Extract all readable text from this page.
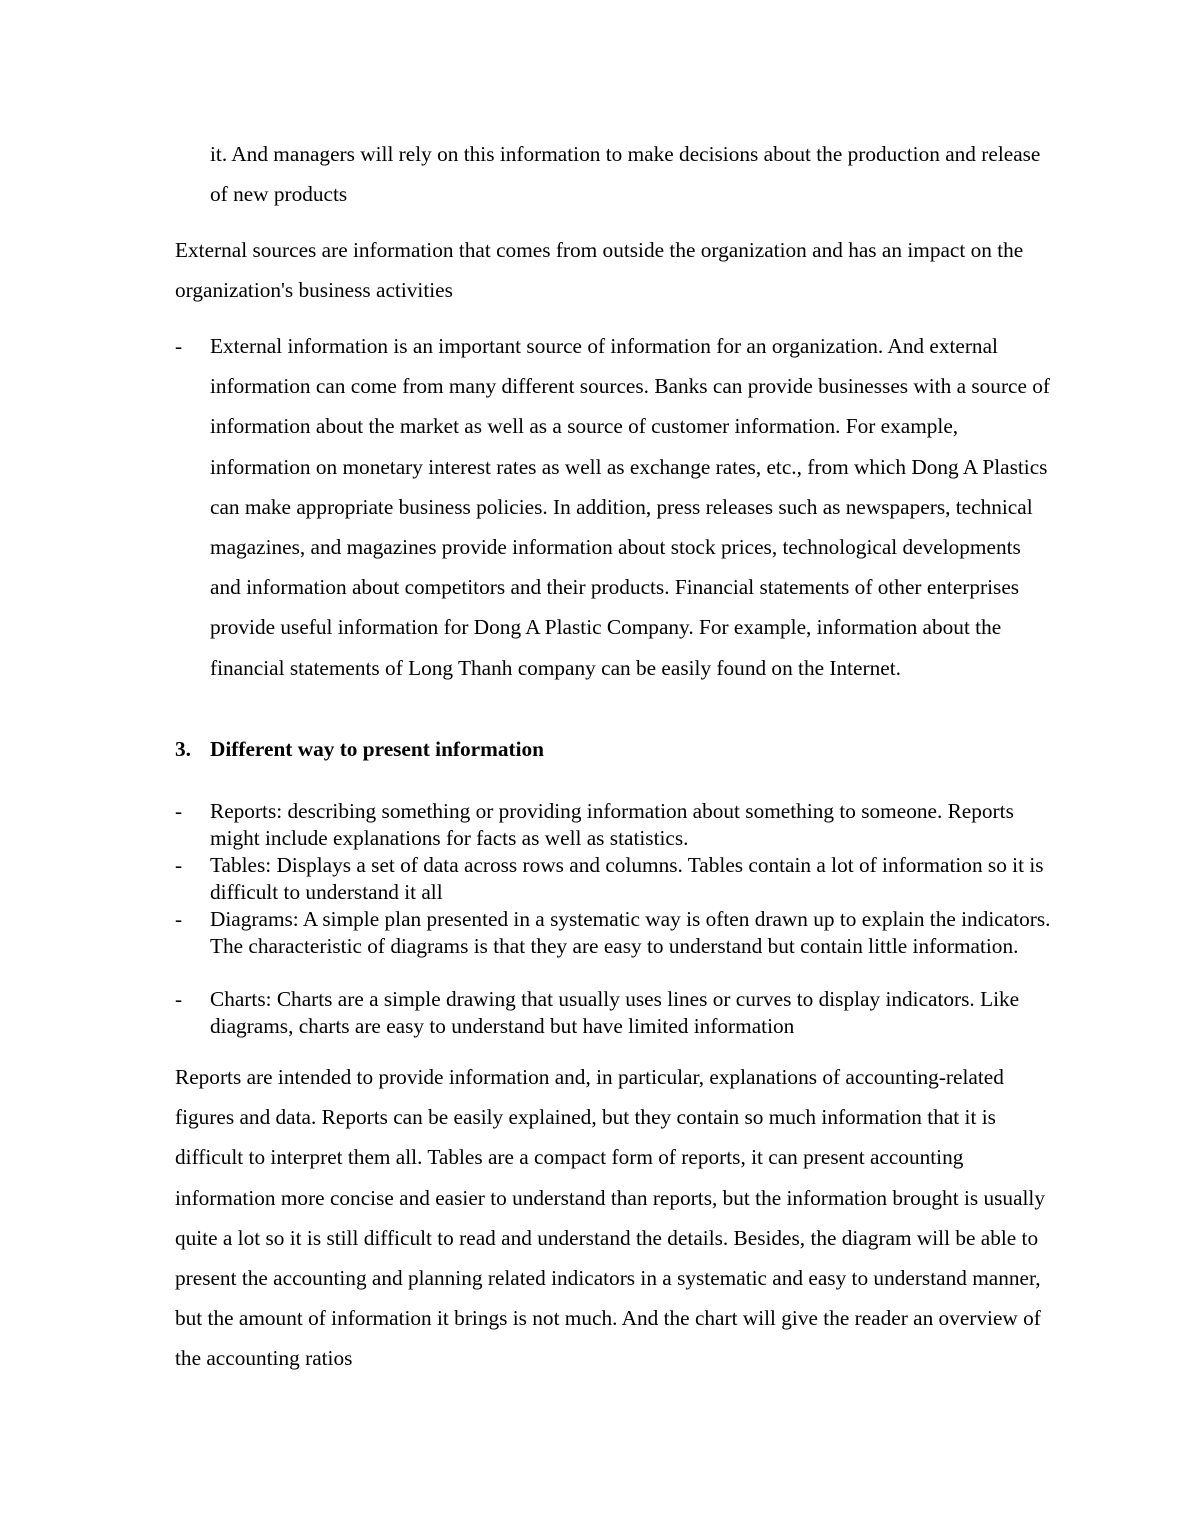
it. And managers will rely on this information to make decisions about the production and release of new products

External sources are information that comes from outside the organization and has an impact on the organization's business activities

-	External information is an important source of information for an organization. And external information can come from many different sources. Banks can provide businesses with a source of information about the market as well as a source of customer information. For example, information on monetary interest rates as well as exchange rates, etc., from which Dong A Plastics can make appropriate business policies. In addition, press releases such as newspapers, technical magazines, and magazines provide information about stock prices, technological developments and information about competitors and their products. Financial statements of other enterprises provide useful information for Dong A Plastic Company. For example, information about the financial statements of Long Thanh company can be easily found on the Internet.
3. Different way to present information
-	Reports: describing something or providing information about something to someone. Reports might include explanations for facts as well as statistics.
-	Tables: Displays a set of data across rows and columns. Tables contain a lot of information so it is difficult to understand it all
-	Diagrams: A simple plan presented in a systematic way is often drawn up to explain the indicators. The characteristic of diagrams is that they are easy to understand but contain little information.
-	Charts: Charts are a simple drawing that usually uses lines or curves to display indicators. Like diagrams, charts are easy to understand but have limited information

Reports are intended to provide information and, in particular, explanations of accounting-related figures and data. Reports can be easily explained, but they contain so much information that it is difficult to interpret them all. Tables are a compact form of reports, it can present accounting information more concise and easier to understand than reports, but the information brought is usually quite a lot so it is still difficult to read and understand the details. Besides, the diagram will be able to present the accounting and planning related indicators in a systematic and easy to understand manner, but the amount of information it brings is not much. And the chart will give the reader an overview of the accounting ratios
